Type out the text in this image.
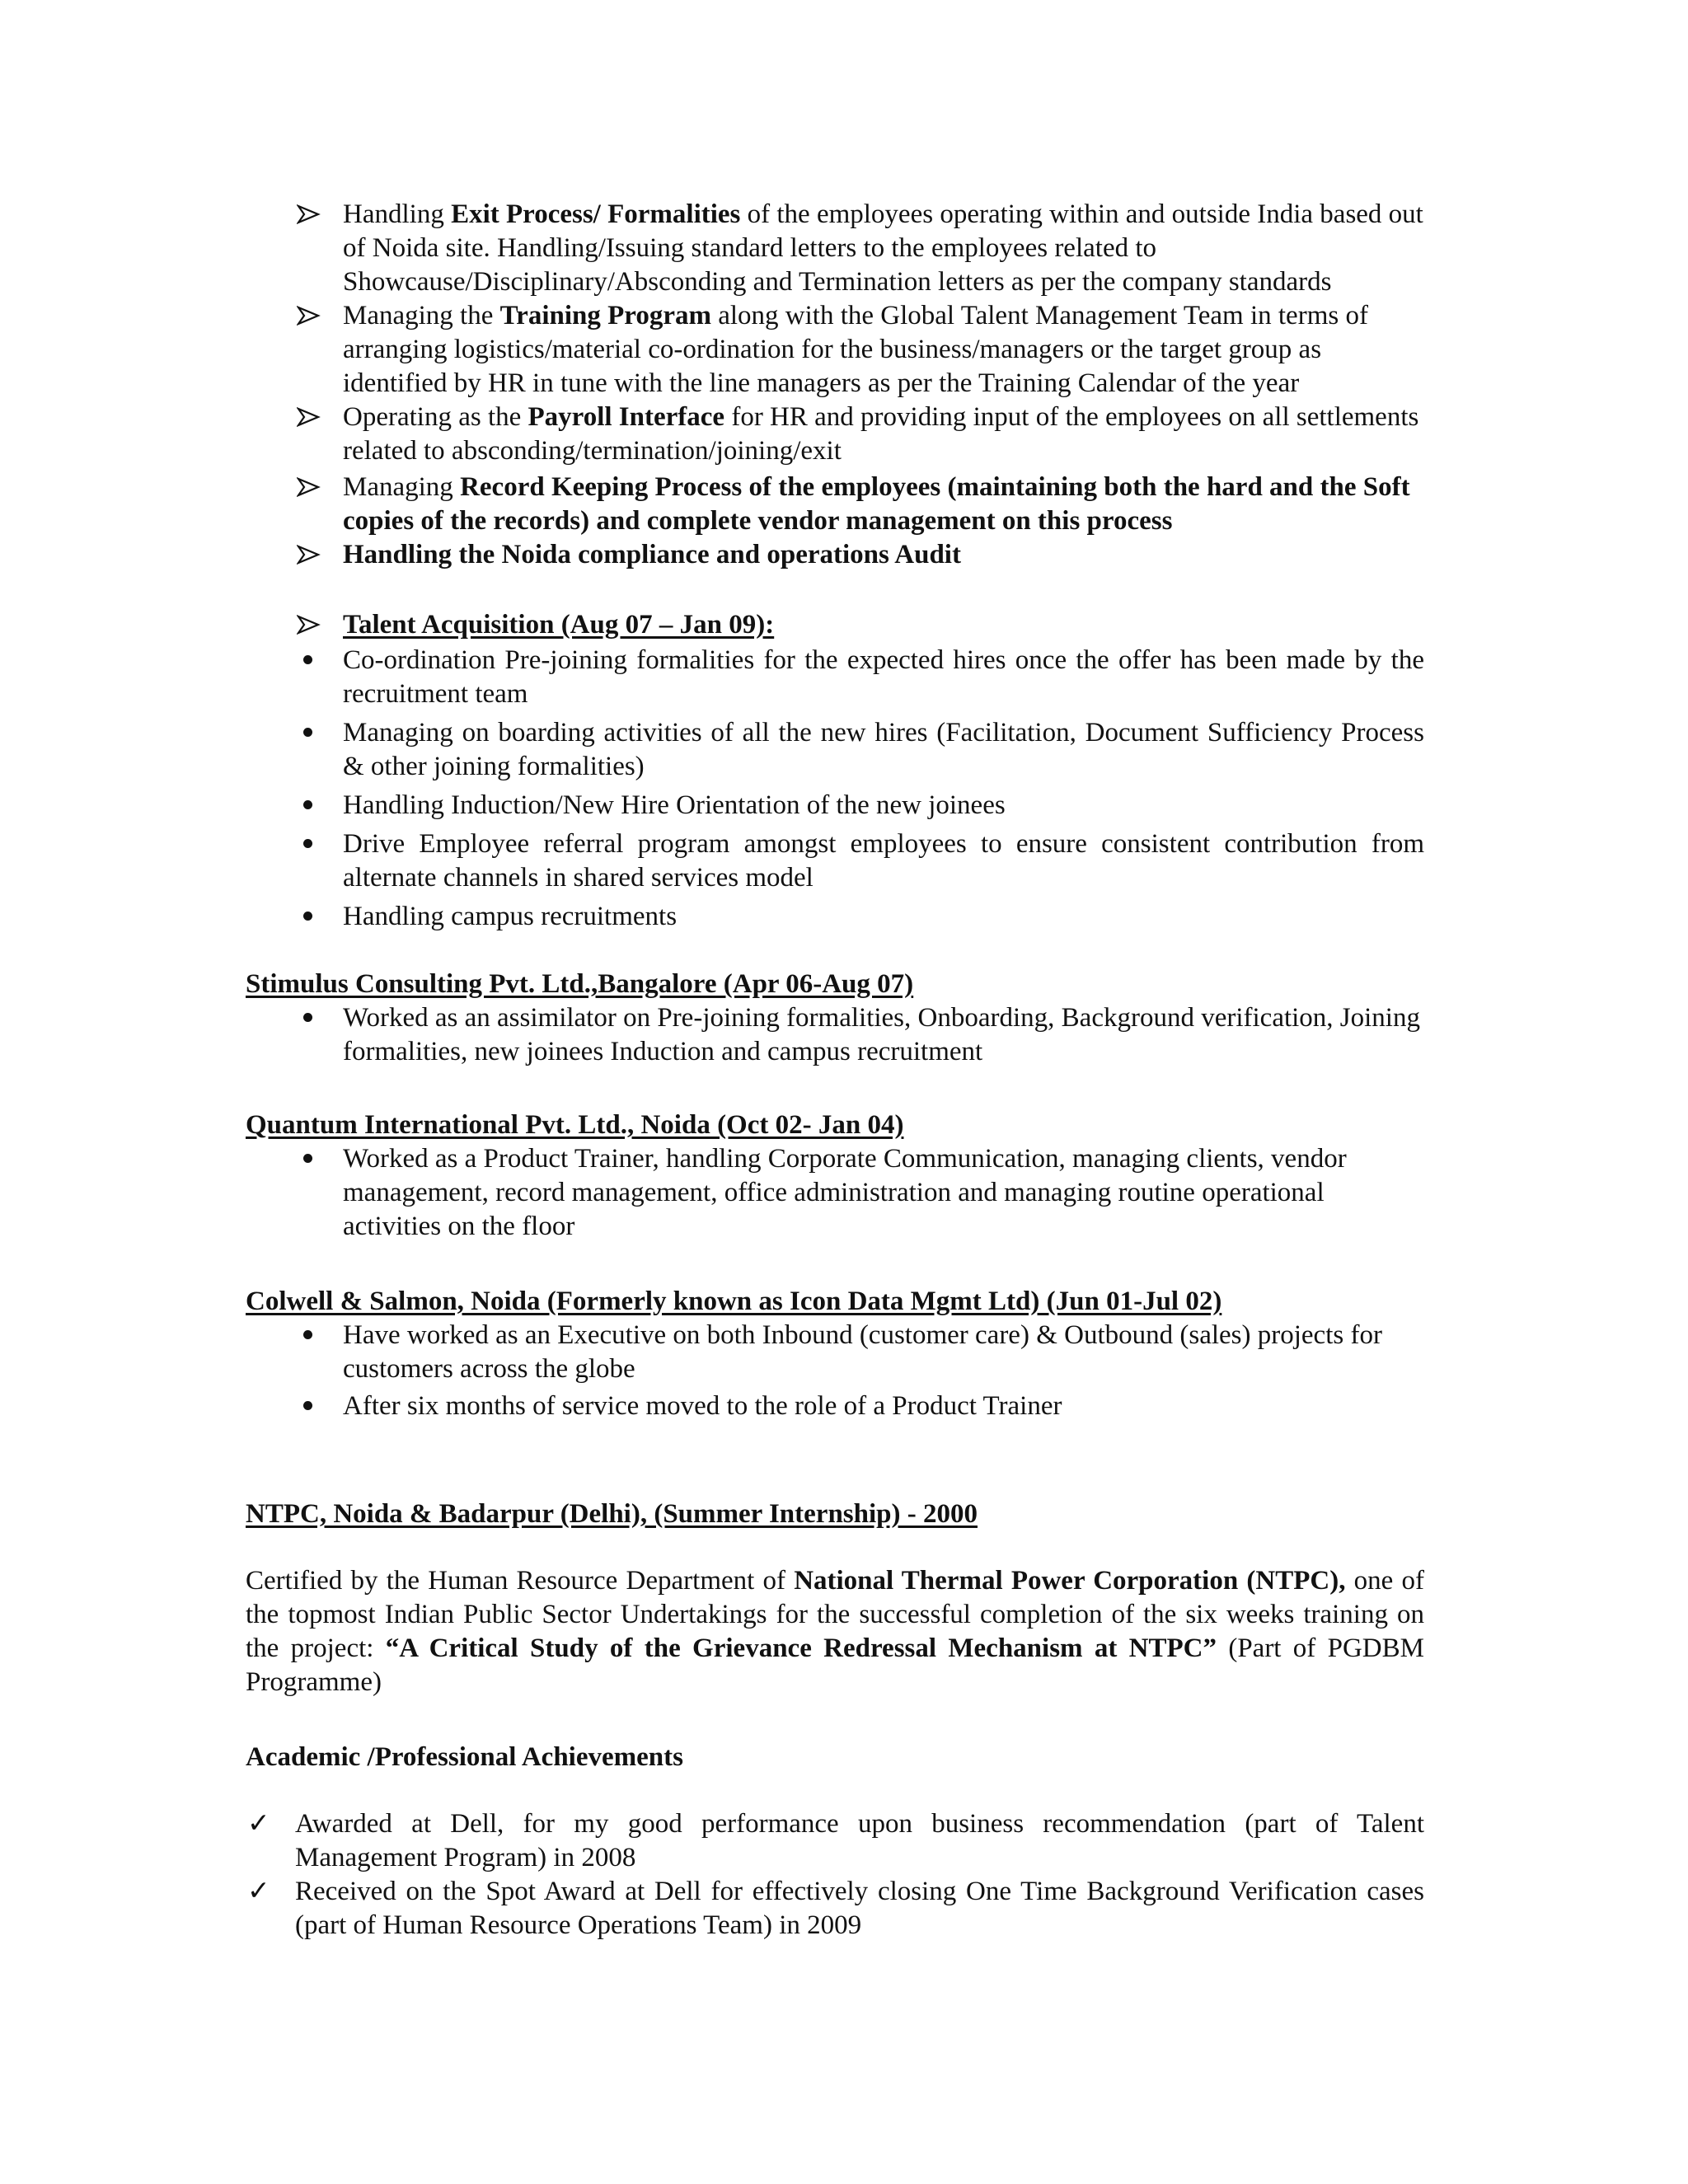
Handling Exit Process/ Formalities of the employees operating within and outside India based out of Noida site. Handling/Issuing standard letters to the employees related to Showcause/Disciplinary/Absconding and Termination letters as per the company standards

Managing the Training Program along with the Global Talent Management Team in terms of arranging logistics/material co-ordination for the business/managers or the target group as identified by HR in tune with the line managers as per the Training Calendar of the year

Operating as the Payroll Interface for HR and providing input of the employees on all settlements related to absconding/termination/joining/exit

Managing Record Keeping Process of the employees (maintaining both the hard and the Soft copies of the records) and complete vendor management on this process

Handling the Noida compliance and operations Audit

Talent Acquisition (Aug 07 – Jan 09):

Co-ordination Pre-joining formalities for the expected hires once the offer has been made by the recruitment team

Managing on boarding activities of all the new hires (Facilitation, Document Sufficiency Process & other joining formalities)

Handling Induction/New Hire Orientation of the new joinees

Drive Employee referral program amongst employees to ensure consistent contribution from alternate channels in shared services model

Handling campus recruitments

Stimulus Consulting Pvt. Ltd.,Bangalore (Apr 06-Aug 07)

Worked as an assimilator on Pre-joining formalities, Onboarding, Background verification, Joining formalities, new joinees Induction and campus recruitment

Quantum International Pvt. Ltd., Noida (Oct 02- Jan 04)

Worked as a Product Trainer, handling Corporate Communication, managing clients, vendor management, record management, office administration and managing routine operational activities on the floor

Colwell & Salmon, Noida (Formerly known as Icon Data Mgmt Ltd) (Jun 01-Jul 02)

Have worked as an Executive on both Inbound (customer care) & Outbound (sales) projects for customers across the globe

After six months of service moved to the role of a Product Trainer

NTPC, Noida & Badarpur (Delhi), (Summer Internship) - 2000

Certified by the Human Resource Department of National Thermal Power Corporation (NTPC), one of the topmost Indian Public Sector Undertakings for the successful completion of the six weeks training on the project: “A Critical Study of the Grievance Redressal Mechanism at NTPC” (Part of PGDBM Programme)

Academic /Professional Achievements

✓ Awarded at Dell, for my good performance upon business recommendation (part of Talent Management Program) in 2008

✓ Received on the Spot Award at Dell for effectively closing One Time Background Verification cases (part of Human Resource Operations Team) in 2009
